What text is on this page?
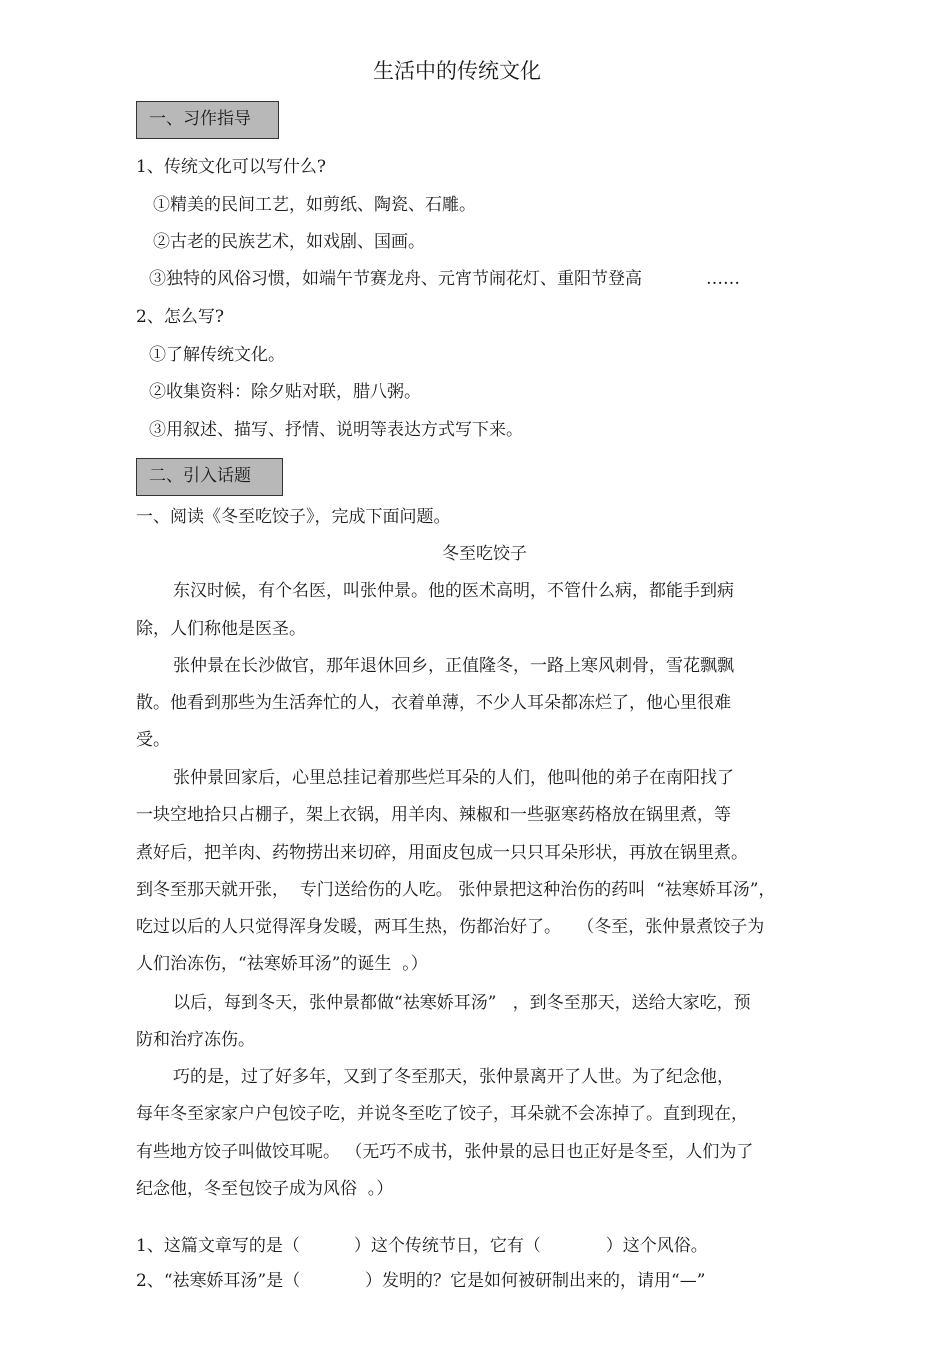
生活中的传统文化
一、习作指导
1、传统文化可以写什么?
①精美的民间工艺，如剪纸、陶瓷、石雕。
②古老的民族艺术，如戏剧、国画。
③独特的风俗习惯，如端午节赛龙舟、元宵节闹花灯、重阳节登高	……
2、怎么写?
①了解传统文化。
②收集资料：除夕贴对联，腊八粥。
③用叙述、描写、抒情、说明等表达方式写下来。
二、引入话题
一、阅读《冬至吃饺子》，完成下面问题。
冬至吃饺子
东汉时候，有个名医，叫张仲景。他的医术高明，不管什么病，都能手到病
除，人们称他是医圣。
张仲景在长沙做官，那年退休回乡，正值隆冬，一路上寒风刺骨，雪花飘飘
散。他看到那些为生活奔忙的人，衣着单薄，不少人耳朵都冻烂了，他心里很难
受。
张仲景回家后，心里总挂记着那些烂耳朵的人们，他叫他的弟子在南阳找了
一块空地拾只占棚子，架上衣锅，用羊肉、辣椒和一些驱寒药格放在锅里煮，等
煮好后，把羊肉、药物捞出来切碎，用面皮包成一只只耳朵形状，再放在锅里煮。
到冬至那天就开张，  专门送给伤的人吃。 张仲景把这种治伤的药叫  “祛寒娇耳汤”，
吃过以后的人只觉得浑身发暖，两耳生热，伤都治好了。   （冬至，张仲景煮饺子为
人们治冻伤，“祛寒娇耳汤”的诞生  。）
以后，每到冬天，张仲景都做“祛寒娇耳汤”   ，到冬至那天，送给大家吃，预
防和治疗冻伤。
巧的是，过了好多年，又到了冬至那天，张仲景离开了人世。为了纪念他，
每年冬至家家户户包饺子吃，并说冬至吃了饺子，耳朵就不会冻掉了。直到现在，
有些地方饺子叫做饺耳呢。 （无巧不成书，张仲景的忌日也正好是冬至，人们为了
纪念他，冬至包饺子成为风俗  。）
1、这篇文章写的是（          ）这个传统节日，它有（            ）这个风俗。
2、“祛寒娇耳汤”是（            ）发明的？它是如何被研制出来的，请用“—”
